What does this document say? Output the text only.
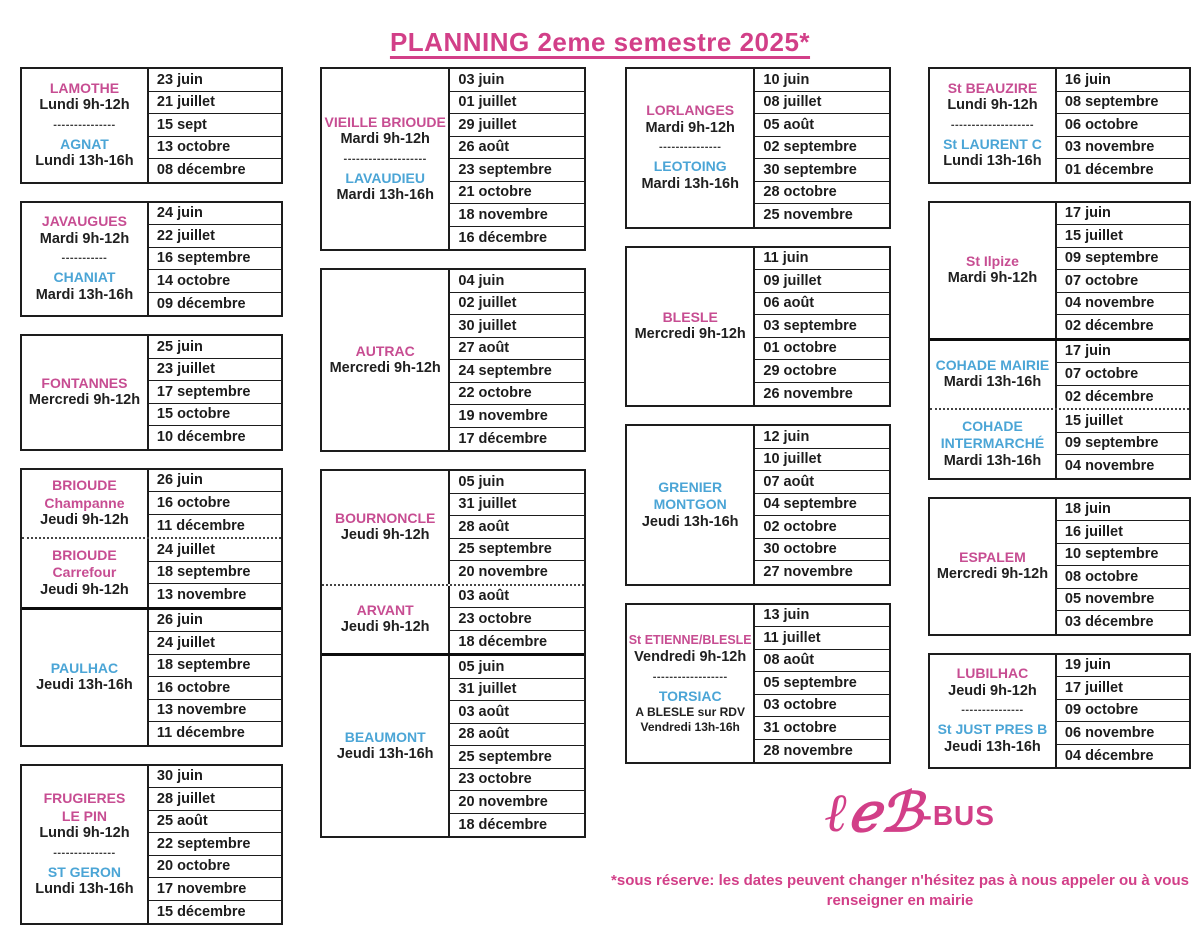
PLANNING 2eme semestre 2025*
LAMOTHE
Lundi 9h-12h
---------------
AGNAT
Lundi 13h-16h
23 juin
21 juillet
15 sept
13 octobre
08 décembre
JAVAUGUES
Mardi 9h-12h
-----------
CHANIAT
Mardi 13h-16h
24 juin
22 juillet
16 septembre
14 octobre
09 décembre
FONTANNES
Mercredi 9h-12h
25 juin
23 juillet
17 septembre
15 octobre
10 décembre
BRIOUDE
Champanne
Jeudi 9h-12h
26 juin
16 octobre
11 décembre
BRIOUDE
Carrefour
Jeudi 9h-12h
24 juillet
18 septembre
13 novembre
PAULHAC
Jeudi 13h-16h
26 juin
24 juillet
18 septembre
16 octobre
13 novembre
11 décembre
FRUGIERES
LE PIN
Lundi 9h-12h
---------------
ST GERON
Lundi 13h-16h
30 juin
28 juillet
25 août
22 septembre
20 octobre
17 novembre
15 décembre
VIEILLE BRIOUDE
Mardi 9h-12h
--------------------
LAVAUDIEU
Mardi 13h-16h
03 juin
01 juillet
29 juillet
26 août
23 septembre
21 octobre
18 novembre
16 décembre
AUTRAC
Mercredi 9h-12h
04 juin
02 juillet
30 juillet
27 août
24 septembre
22 octobre
19 novembre
17 décembre
BOURNONCLE
Jeudi 9h-12h
05 juin
31 juillet
28 août
25 septembre
20 novembre
ARVANT
Jeudi 9h-12h
03 août
23 octobre
18 décembre
BEAUMONT
Jeudi 13h-16h
05 juin
31 juillet
03 août
28 août
25 septembre
23 octobre
20 novembre
18 décembre
LORLANGES
Mardi 9h-12h
---------------
LEOTOING
Mardi 13h-16h
10 juin
08 juillet
05 août
02 septembre
30 septembre
28 octobre
25 novembre
BLESLE
Mercredi 9h-12h
11 juin
09 juillet
06 août
03 septembre
01 octobre
29 octobre
26 novembre
GRENIER
MONTGON
Jeudi 13h-16h
12 juin
10 juillet
07 août
04 septembre
02 octobre
30 octobre
27 novembre
St ETIENNE/BLESLE
Vendredi 9h-12h
------------------
TORSIAC
A BLESLE sur RDV
Vendredi 13h-16h
13 juin
11 juillet
08 août
05 septembre
03 octobre
31 octobre
28 novembre
St BEAUZIRE
Lundi 9h-12h
--------------------
St LAURENT C
Lundi 13h-16h
16 juin
08 septembre
06 octobre
03 novembre
01 décembre
St Ilpize
Mardi 9h-12h
17 juin
15 juillet
09 septembre
07 octobre
04 novembre
02 décembre
COHADE MAIRIE
Mardi 13h-16h
17 juin
07 octobre
02 décembre
COHADE
INTERMARCHÉ
Mardi 13h-16h
15 juillet
09 septembre
04 novembre
ESPALEM
Mercredi 9h-12h
18 juin
16 juillet
10 septembre
08 octobre
05 novembre
03 décembre
LUBILHAC
Jeudi 9h-12h
---------------
St JUST PRES B
Jeudi 13h-16h
19 juin
17 juillet
09 octobre
06 novembre
04 décembre
ℓℯℬ-BUS
*sous réserve: les dates peuvent changer n'hésitez pas à nous appeler ou à vous renseigner en mairie
